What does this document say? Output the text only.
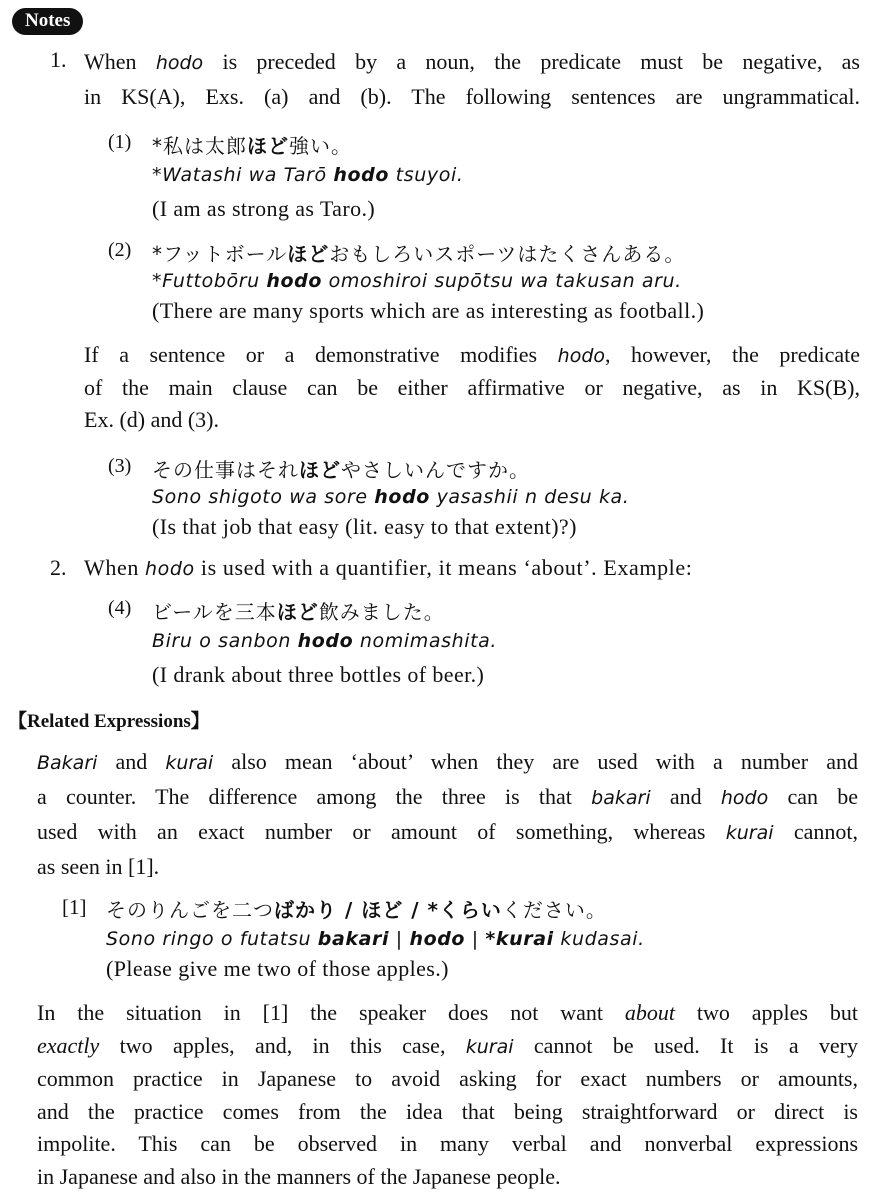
Notes
1. When hodo is preceded by a noun, the predicate must be negative, as
in KS(A), Exs. (a) and (b). The following sentences are ungrammatical.
(1) *私は太郎ほど強い。
*Watashi wa Tarō hodo tsuyoi.
(I am as strong as Taro.)
(2) *フットボールほどおもしろいスポーツはたくさんある。
*Futtobōru hodo omoshiroi supōtsu wa takusan aru.
(There are many sports which are as interesting as football.)
If a sentence or a demonstrative modifies hodo, however, the predicate
of the main clause can be either affirmative or negative, as in KS(B),
Ex. (d) and (3).
(3) その仕事はそれほどやさしいんですか。
Sono shigoto wa sore hodo yasashii n desu ka.
(Is that job that easy (lit. easy to that extent)?)
2. When hodo is used with a quantifier, it means ‘about’. Example:
(4) ビールを三本ほど飲みました。
Biru o sanbon hodo nomimashita.
(I drank about three bottles of beer.)
【Related Expressions】
Bakari and kurai also mean ‘about’ when they are used with a number and
a counter. The difference among the three is that bakari and hodo can be
used with an exact number or amount of something, whereas kurai cannot,
as seen in [1].
[1] そのりんごを二つばかり / ほど / *くらいください。
Sono ringo o futatsu bakari | hodo | *kurai kudasai.
(Please give me two of those apples.)
In the situation in [1] the speaker does not want about two apples but
exactly two apples, and, in this case, kurai cannot be used. It is a very
common practice in Japanese to avoid asking for exact numbers or amounts,
and the practice comes from the idea that being straightforward or direct is
impolite. This can be observed in many verbal and nonverbal expressions
in Japanese and also in the manners of the Japanese people.
